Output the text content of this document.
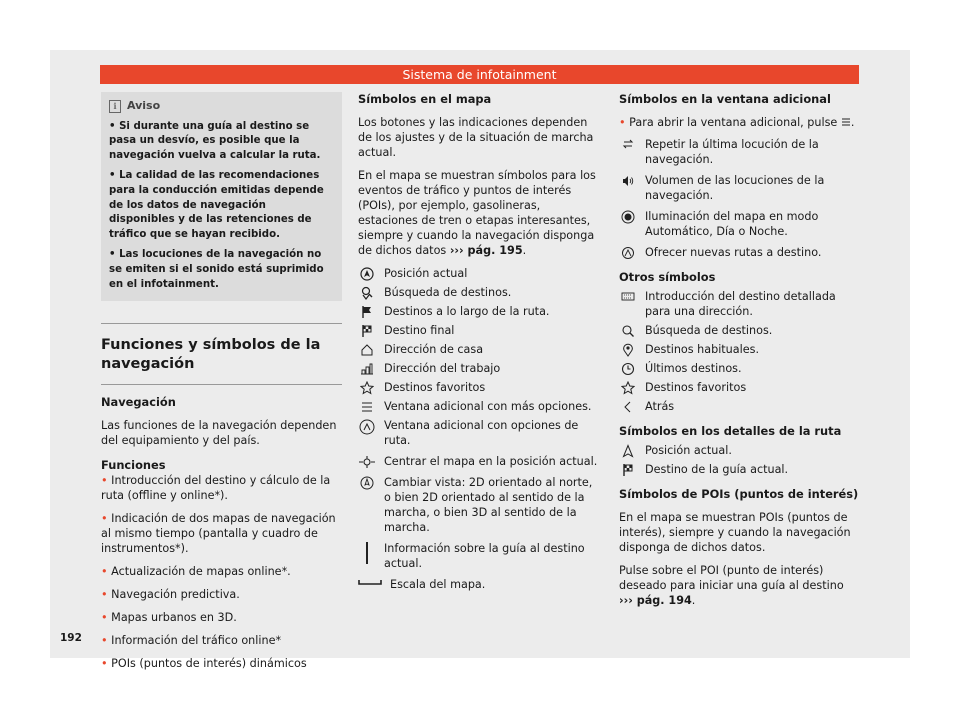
Sistema de infotainment
i Aviso

• Si durante una guía al destino se pasa un desvío, es posible que la navegación vuelva a calcular la ruta.

• La calidad de las recomendaciones para la conducción emitidas depende de los datos de navegación disponibles y de las retenciones de tráfico que se hayan recibido.

• Las locuciones de la navegación no se emiten si el sonido está suprimido en el infotainment.

Funciones y símbolos de la navegación
Navegación

Las funciones de la navegación dependen del equipamiento y del país.

Funciones

• Introducción del destino y cálculo de la ruta (offline y online*).

• Indicación de dos mapas de navegación al mismo tiempo (pantalla y cuadro de instrumentos*).

• Actualización de mapas online*.

• Navegación predictiva.

• Mapas urbanos en 3D.

• Información del tráfico online*

• POIs (puntos de interés) dinámicos

Símbolos en el mapa

Los botones y las indicaciones dependen de los ajustes y de la situación de marcha actual.

En el mapa se muestran símbolos para los eventos de tráfico y puntos de interés (POIs), por ejemplo, gasolineras, estaciones de tren o etapas interesantes, siempre y cuando la navegación disponga de dichos datos ››› pág. 195.

Posición actual
Búsqueda de destinos.
Destinos a lo largo de la ruta.
Destino final
Dirección de casa
Dirección del trabajo
Destinos favoritos
Ventana adicional con más opciones.
Ventana adicional con opciones de ruta.
Centrar el mapa en la posición actual.
Cambiar vista: 2D orientado al norte, o bien 2D orientado al sentido de la marcha, o bien 3D al sentido de la marcha.
Información sobre la guía al destino actual.
Escala del mapa.
Símbolos en la ventana adicional

• Para abrir la ventana adicional, pulse .

Repetir la última locución de la navegación.
Volumen de las locuciones de la navegación.
Iluminación del mapa en modo Automático, Día o Noche.
Ofrecer nuevas rutas a destino.
Otros símbolos
Introducción del destino detallada para una dirección.
Búsqueda de destinos.
Destinos habituales.
Últimos destinos.
Destinos favoritos
Atrás
Símbolos en los detalles de la ruta
Posición actual.
Destino de la guía actual.
Símbolos de POIs (puntos de interés)

En el mapa se muestran POIs (puntos de interés), siempre y cuando la navegación disponga de dichos datos.

Pulse sobre el POI (punto de interés) deseado para iniciar una guía al destino ››› pág. 194.

192
